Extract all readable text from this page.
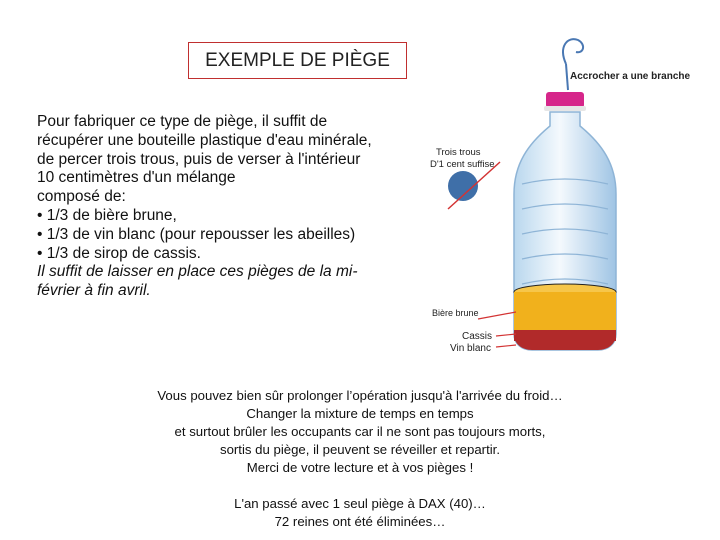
EXEMPLE DE PIÈGE

Pour fabriquer ce type de piège, il suffit de

récupérer une bouteille plastique d'eau minérale,

de percer trois trous, puis de verser à l'intérieur

10 centimètres d'un mélange

composé de:

• 1/3 de bière brune,

• 1/3 de vin blanc (pour repousser les abeilles)

• 1/3 de sirop de cassis.

Il suffit de laisser en place ces pièges de la mi-

février à fin avril.

Accrocher a une branche
Trois trous
D'1 cent suffise
Bière brune
Cassis
Vin blanc

Vous pouvez bien sûr prolonger l’opération jusqu'à l'arrivée du froid…

Changer la mixture de temps en temps

et surtout brûler les occupants car il ne sont pas toujours morts,

sortis du piège, il peuvent se réveiller et repartir.

Merci de votre lecture et à vos pièges !

L'an passé avec 1 seul piège à DAX (40)…

72 reines ont été éliminées…
